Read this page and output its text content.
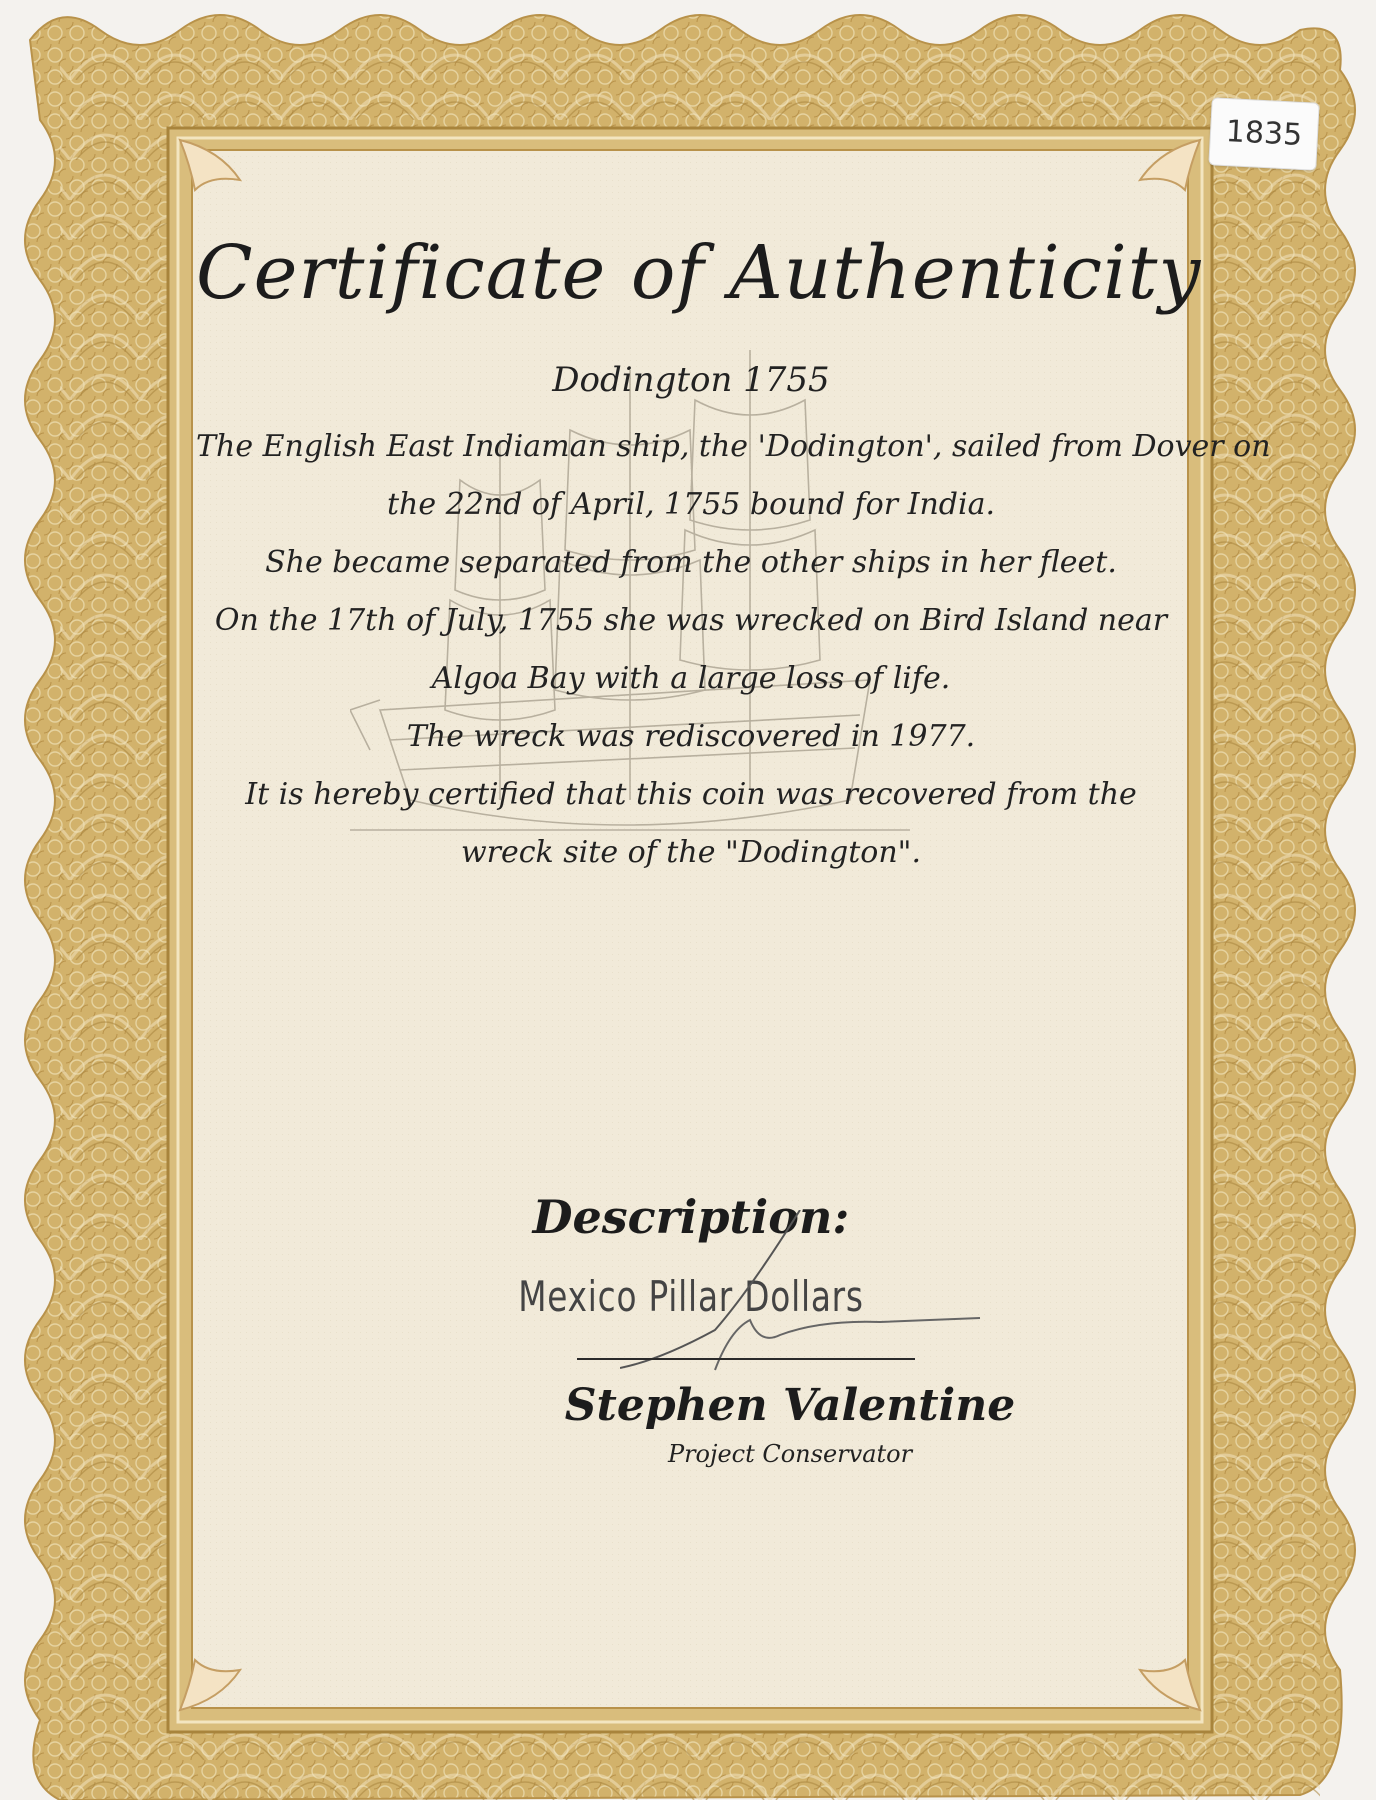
1835
Certificate of Authenticity
Dodington 1755
The English East Indiaman ship, the 'Dodington', sailed from Dover on
the 22nd of April, 1755 bound for India.
She became separated from the other ships in her fleet.
On the 17th of July, 1755 she was wrecked on Bird Island near
Algoa Bay with a large loss of life.
The wreck was rediscovered in 1977.
It is hereby certified that this coin was recovered from the
wreck site of the "Dodington".
Description:
Mexico Pillar Dollars
Stephen Valentine
Project Conservator
